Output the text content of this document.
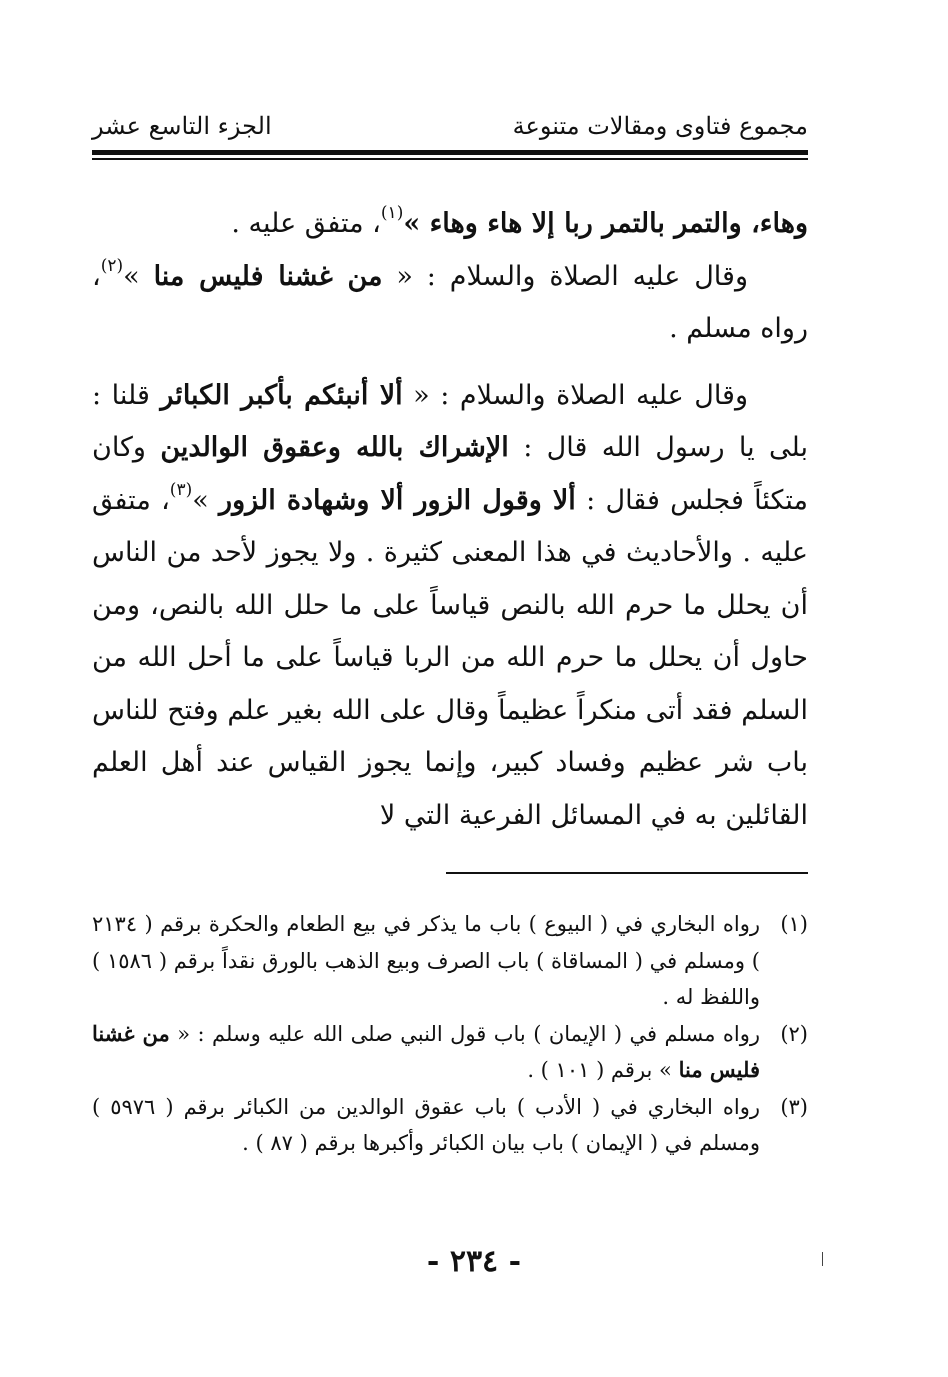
مجموع فتاوى ومقالات متنوعة
الجزء التاسع عشر

وهاء، والتمر بالتمر ربا إلا هاء وهاء »$^{(١)}$، متفق عليه .

وقال عليه الصلاة والسلام : « من غشنا فليس منا »$^{(٢)}$، رواه مسلم .

وقال عليه الصلاة والسلام : « ألا أنبئكم بأكبر الكبائر قلنا : بلى يا رسول الله قال : الإشراك بالله وعقوق الوالدين وكان متكئاً فجلس فقال : ألا وقول الزور ألا وشهادة الزور »$^{(٣)}$، متفق عليه . والأحاديث في هذا المعنى كثيرة . ولا يجوز لأحد من الناس أن يحلل ما حرم الله بالنص قياساً على ما حلل الله بالنص، ومن حاول أن يحلل ما حرم الله من الربا قياساً على ما أحل الله من السلم فقد أتى منكراً عظيماً وقال على الله بغير علم وفتح للناس باب شر عظيم وفساد كبير، وإنما يجوز القياس عند أهل العلم القائلين به في المسائل الفرعية التي لا

(١)
رواه البخاري في ( البيوع ) باب ما يذكر في بيع الطعام والحكرة برقم ( ٢١٣٤ ) ومسلم في ( المساقاة ) باب الصرف وبيع الذهب بالورق نقداً برقم ( ١٥٨٦ ) واللفظ له .
(٢)
رواه مسلم في ( الإيمان ) باب قول النبي صلى الله عليه وسلم : « من غشنا فليس منا » برقم ( ١٠١ ) .
(٣)
رواه البخاري في ( الأدب ) باب عقوق الوالدين من الكبائر برقم ( ٥٩٧٦ ) ومسلم في ( الإيمان ) باب بيان الكبائر وأكبرها برقم ( ٨٧ ) .
- ٢٣٤ -
